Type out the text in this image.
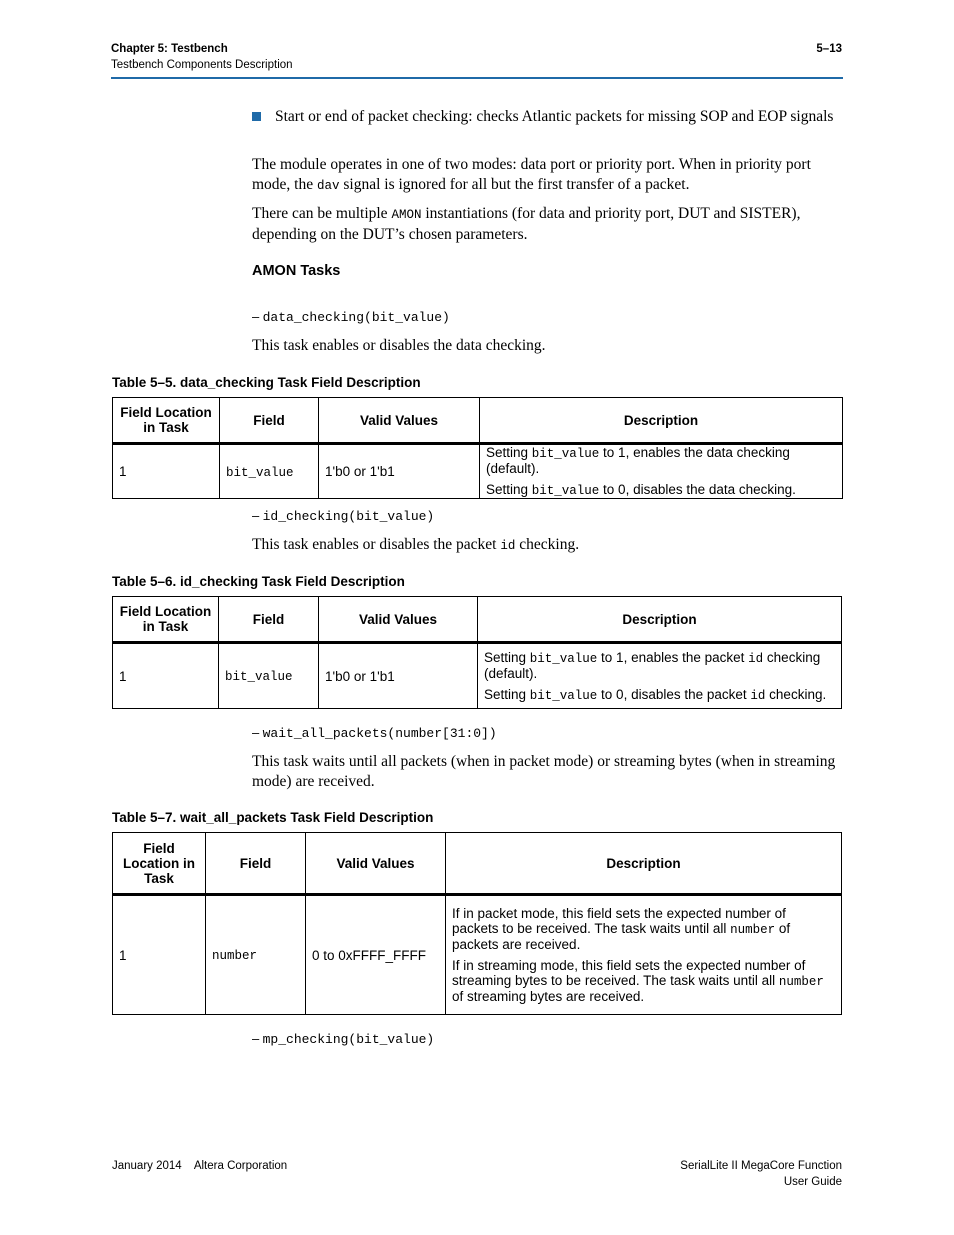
Chapter 5: Testbench
Testbench Components Description
5–13
Start or end of packet checking: checks Atlantic packets for missing SOP and EOP signals
The module operates in one of two modes: data port or priority port. When in priority port mode, the dav signal is ignored for all but the first transfer of a packet.
There can be multiple AMON instantiations (for data and priority port, DUT and SISTER), depending on the DUT’s chosen parameters.
AMON Tasks
– data_checking(bit_value)
This task enables or disables the data checking.
Table 5–5. data_checking Task Field Description
Field Location in Task	Field	Valid Values	Description
1	bit_value	1'b0 or 1'b1	Setting bit_value to 1, enables the data checking (default).

Setting bit_value to 0, disables the data checking.

– id_checking(bit_value)
This task enables or disables the packet id checking.
Table 5–6. id_checking Task Field Description
Field Location in Task	Field	Valid Values	Description
1	bit_value	1'b0 or 1'b1	Setting bit_value to 1, enables the packet id checking (default).

Setting bit_value to 0, disables the packet id checking.

– wait_all_packets(number[31:0])
This task waits until all packets (when in packet mode) or streaming bytes (when in streaming mode) are received.
Table 5–7. wait_all_packets Task Field Description
Field Location in Task	Field	Valid Values	Description
1	number	0 to 0xFFFF_FFFF	If in packet mode, this field sets the expected number of packets to be received. The task waits until all number of packets are received.

If in streaming mode, this field sets the expected number of streaming bytes to be received. The task waits until all number of streaming bytes are received.

– mp_checking(bit_value)
January 2014    Altera Corporation	SerialLite II MegaCore Function
User Guide
